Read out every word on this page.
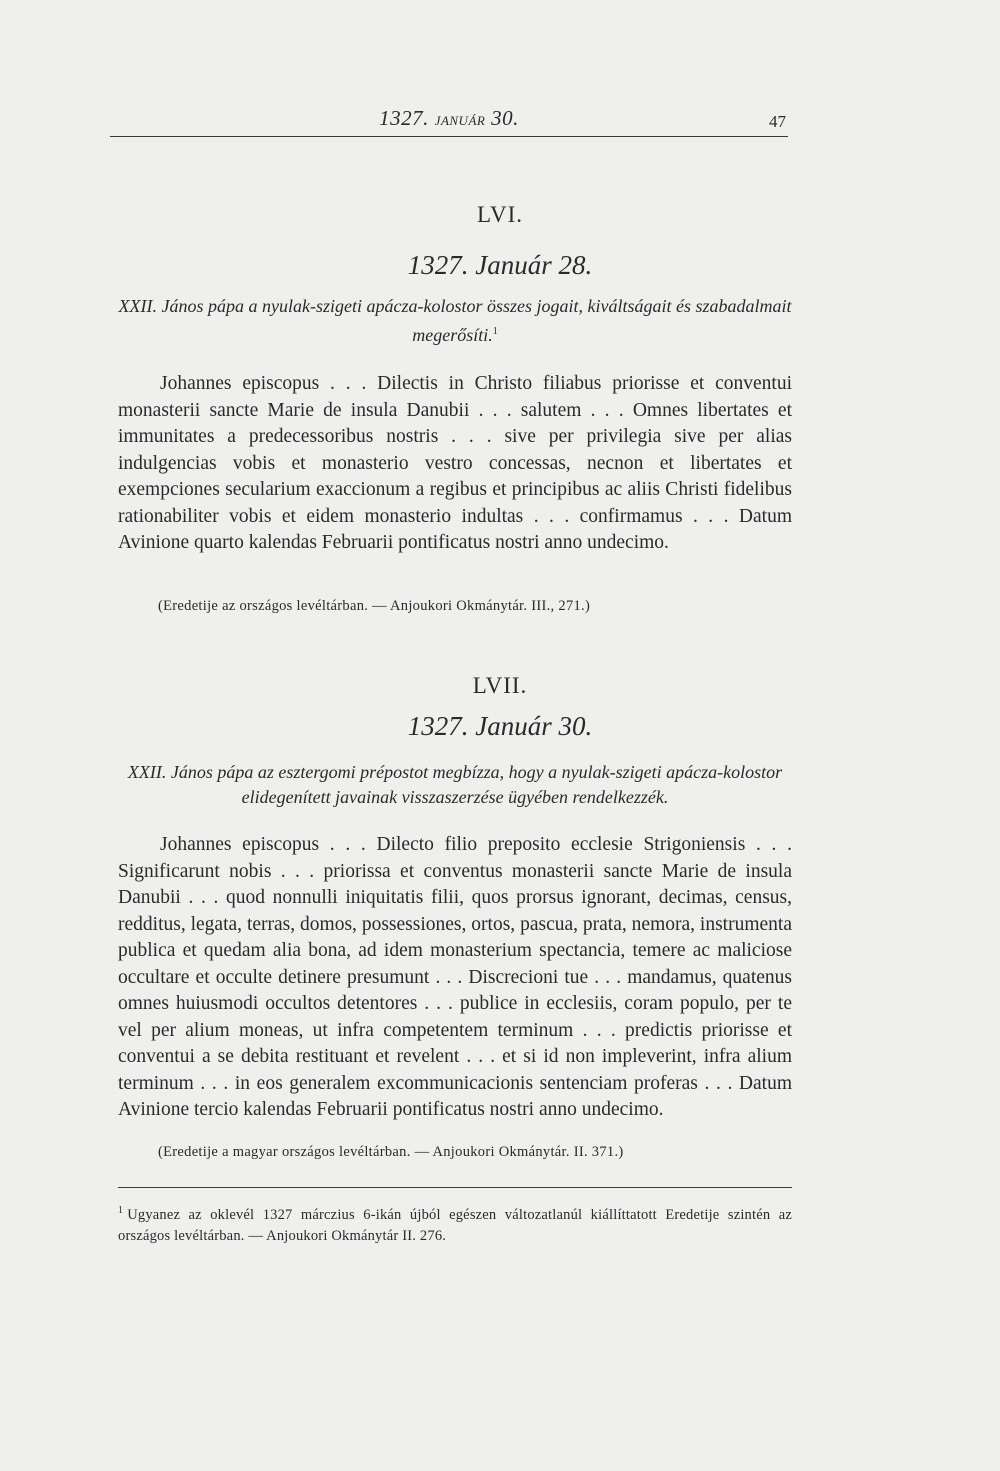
1327. JANUÁR 30.	47
LVI.
1327. Január 28.
XXII. János pápa a nyulak-szigeti apácza-kolostor összes jogait, kiváltságait és szabadalmait megerősíti.$^1$

Johannes episcopus . . . Dilectis in Christo filiabus priorisse et conventui monasterii sancte Marie de insula Danubii . . . salutem . . . Omnes libertates et immunitates a predecessoribus nostris . . . sive per privilegia sive per alias indulgencias vobis et monasterio vestro concessas, necnon et libertates et exempciones secularium exaccionum a regibus et principibus ac aliis Christi fidelibus rationabiliter vobis et eidem monasterio indultas . . . confirmamus . . . Datum Avinione quarto kalendas Februarii pontificatus nostri anno undecimo.

(Eredetije az országos levéltárban. — Anjoukori Okmánytár. III., 271.)
LVII.
1327. Január 30.
XXII. János pápa az esztergomi prépostot megbízza, hogy a nyulak-szigeti apácza-kolostor elidegenített javainak visszaszerzése ügyében rendelkezzék.

Johannes episcopus . . . Dilecto filio preposito ecclesie Strigoniensis . . . Significarunt nobis . . . priorissa et conventus monasterii sancte Marie de insula Danubii . . . quod nonnulli iniquitatis filii, quos prorsus ignorant, decimas, census, redditus, legata, terras, domos, possessiones, ortos, pascua, prata, nemora, instrumenta publica et quedam alia bona, ad idem monasterium spectancia, temere ac maliciose occultare et occulte detinere presumunt . . . Discrecioni tue . . . mandamus, quatenus omnes huiusmodi occultos detentores . . . publice in ecclesiis, coram populo, per te vel per alium moneas, ut infra competentem terminum . . . predictis priorisse et conventui a se debita restituant et revelent . . . et si id non impleverint, infra alium terminum . . . in eos generalem excommunicacionis sentenciam proferas . . . Datum Avinione tercio kalendas Februarii pontificatus nostri anno undecimo.

(Eredetije a magyar országos levéltárban. — Anjoukori Okmánytár. II. 371.)
$^1$ Ugyanez az oklevél 1327 márczius 6-ikán újból egészen változatlanúl kiállíttatott Eredetije szintén az országos levéltárban. — Anjoukori Okmánytár II. 276.
